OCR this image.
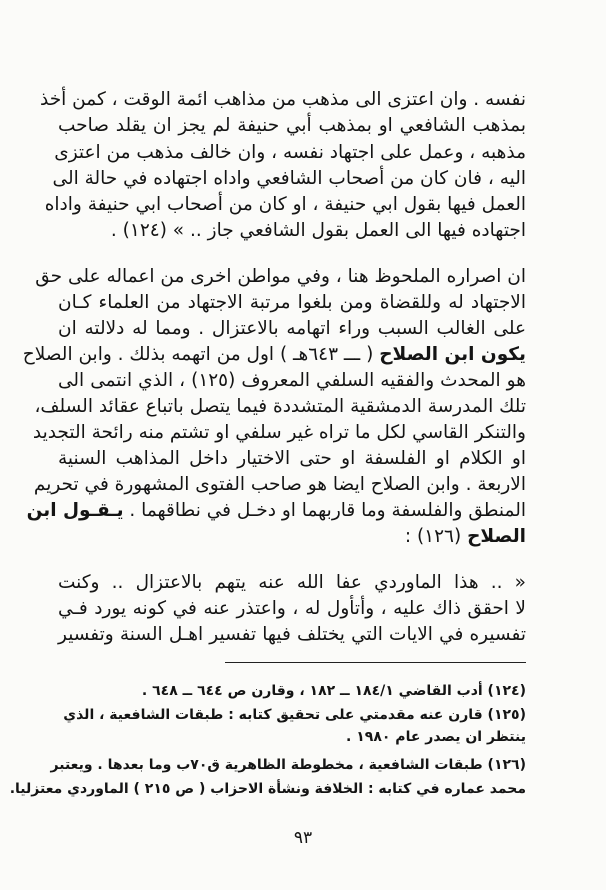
نفسه . وان اعتزى الى مذهب من مذاهب ائمة الوقت ، كمن أخذ
بمذهب الشافعي او بمذهب أبي حنيفة لم يجز ان يقلد صاحب
مذهبه ، وعمل على اجتهاد نفسه ، وان خالف مذهب من اعتزى
اليه ، فان كان من أصحاب الشافعي واداه اجتهاده في حالة الى
العمل فيها بقول ابي حنيفة ، او كان من أصحاب ابي حنيفة واداه
اجتهاده فيها الى العمل بقول الشافعي جاز .. » (١٢٤) .
ان اصراره الملحوظ هنا ، وفي مواطن اخرى من اعماله على حق
الاجتهاد له وللقضاة ومن بلغوا مرتبة الاجتهاد من العلماء كـان
على الغالب السبب وراء اتهامه بالاعتزال . ومما له دلالته ان
يكون ابن الصلاح ( ـــ ٦٤٣هـ ) اول من اتهمه بذلك . وابن الصلاح
هو المحدث والفقيه السلفي المعروف (١٢٥) ، الذي انتمى الى
تلك المدرسة الدمشقية المتشددة فيما يتصل باتباع عقائد السلف،
والتنكر القاسي لكل ما تراه غير سلفي او تشتم منه رائحة التجديد
او الكلام او الفلسفة او حتى الاختيار داخل المذاهب السنية
الاربعة . وابن الصلاح ايضا هو صاحب الفتوى المشهورة في تحريم
المنطق والفلسفة وما قاربهما او دخـل في نطاقهما . يـقـول ابن
الصلاح (١٢٦) :
« .. هذا الماوردي عفا الله عنه يتهم بالاعتزال .. وكنت
لا احقق ذاك عليه ، وأتأول له ، واعتذر عنه في كونه يورد فـي
تفسيره في الايات التي يختلف فيها تفسير اهـل السنة وتفسير
(١٢٤) أدب القاضي ١٨٤/١ ــ ١٨٢ ، وقارن ص ٦٤٤ ــ ٦٤٨ .
(١٢٥) قارن عنه مقدمتي على تحقيق كتابه : طبقات الشافعية ، الذي
ينتظر ان يصدر عام ١٩٨٠ .
(١٢٦) طبقات الشافعية ، مخطوطة الظاهرية ق٧٠ب وما بعدها . ويعتبر
محمد عماره في كتابه : الخلافة ونشأة الاحزاب ( ص ٢١٥ ) الماوردي معتزليا.
٩٣
